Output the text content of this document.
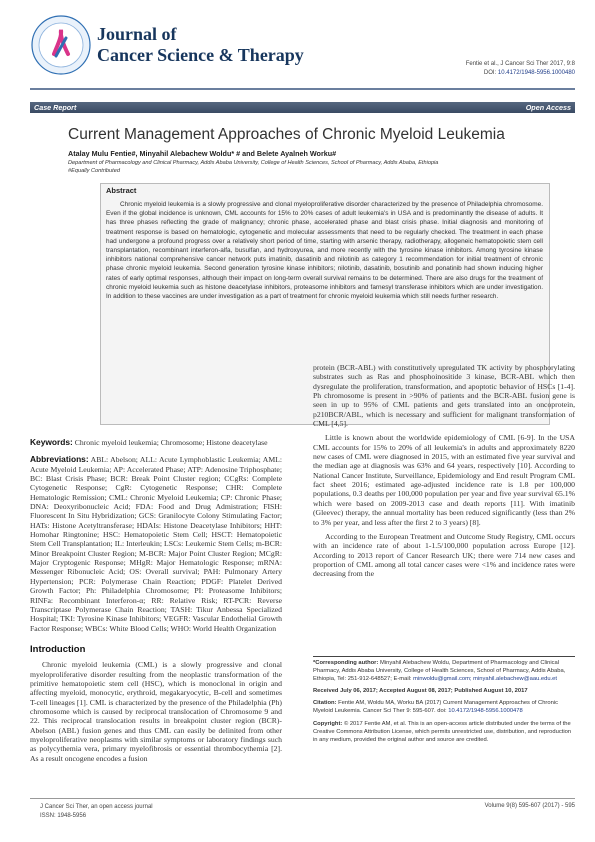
Journal of
Cancer Science & Therapy	Fentie et al., J Cancer Sci Ther 2017, 9:8
DOI: 10.4172/1948-5956.1000480
Case Report	Open Access
Current Management Approaches of Chronic Myeloid Leukemia
Atalay Mulu Fentie#, Minyahil Alebachew Woldu* # and Belete Ayalneh Worku#
Department of Pharmacology and Clinical Pharmacy, Addis Ababa University, College of Health Sciences, School of Pharmacy, Addis Ababa, Ethiopia
#Equally Contributed
Abstract
Chronic myeloid leukemia is a slowly progressive and clonal myeloproliferative disorder characterized by the presence of Philadelphia chromosome. Even if the global incidence is unknown, CML accounts for 15% to 20% cases of adult leukemia's in USA and is predominantly the disease of adults. It has three phases reflecting the grade of malignancy; chronic phase, accelerated phase and blast crisis phase. Initial diagnosis and monitoring of treatment response is based on hematologic, cytogenetic and molecular assessments that need to be regularly checked. The treatment in each phase had undergone a profound progress over a relatively short period of time, starting with arsenic therapy, radiotherapy, allogeneic hematopoietic stem cell transplantation, recombinant interferon-alfa, busulfan, and hydroxyurea, and more recently with the tyrosine kinase inhibitors. Among tyrosine kinase inhibitors national comprehensive cancer network puts imatinib, dasatinib and nilotinib as category 1 recommendation for initial treatment of chronic phase chronic myeloid leukemia. Second generation tyrosine kinase inhibitors; nilotinib, dasatinib, bosutinib and ponatinib had shown inducing higher rates of early optimal responses, although their impact on long-term overall survival remains to be determined. There are also drugs for the treatment of chronic myeloid leukemia such as histone deacetylase inhibitors, proteasome inhibitors and farnesyl transferase inhibitors which are under investigation. In addition to these vaccines are under investigation as a part of treatment for chronic myeloid leukemia which still needs further research.

Keywords: Chronic myeloid leukemia; Chromosome; Histone deacetylase

Abbreviations: ABL: Abelson; ALL: Acute Lymphoblastic Leukemia; AML: Acute Myeloid Leukemia; AP: Accelerated Phase; ATP: Adenosine Triphosphate; BC: Blast Crisis Phase; BCR: Break Point Cluster region; CCgRs: Complete Cytogenetic Response; CgR: Cytogenetic Response; CHR: Complete Hematologic Remission; CML: Chronic Myeloid Leukemia; CP: Chronic Phase; DNA: Deoxyribonucleic Acid; FDA: Food and Drug Admistration; FISH: Fluorescent In Situ Hybridization; GCS: Granilocyte Colony Stimulating Factor; HATs: Histone Acetyltransferase; HDAIs: Histone Deacetylase Inhibitors; HHT: Homohar Ringtonine; HSC: Hematopoietic Stem Cell; HSCT: Hematopoietic Stem Cell Transplantation; IL: Interleukin; LSCs: Leukemic Stem Cells; m-BCR: Minor Breakpoint Cluster Region; M-BCR: Major Point Cluster Region; MCgR: Major Cryptogenic Response; MHgR: Major Hematologic Response; mRNA: Messenger Ribonucleic Acid; OS: Overall survival; PAH: Pulmonary Artery Hypertension; PCR: Polymerase Chain Reaction; PDGF: Platelet Derived Growth Factor; Ph: Philadelphia Chromosome; PI: Proteasome Inhibitors; RINFa: Recombinant Interferon-α; RR: Relative Risk; RT-PCR: Reverse Transcriptase Polymerase Chain Reaction; TASH: Tikur Anbessa Specialized Hospital; TKI: Tyrosine Kinase Inhibitors; VEGFR: Vascular Endothelial Growth Factor Response; WBCs: White Blood Cells; WHO: World Health Organization

Introduction

Chronic myeloid leukemia (CML) is a slowly progressive and clonal myeloproliferative disorder resulting from the neoplastic transformation of the primitive hematopoietic stem cell (HSC), which is monoclonal in origin and affecting myeloid, monocytic, erythroid, megakaryocytic, B-cell and sometimes T-cell lineages [1]. CML is characterized by the presence of the Philadelphia (Ph) chromosome which is caused by reciprocal translocation of Chromosome 9 and 22. This reciprocal translocation results in breakpoint cluster region (BCR)-Abelson (ABL) fusion genes and thus CML can easily be delinited from other myeloproliferative neoplasms with similar symptoms or laboratory findings such as polycythemia vera, primary myelofibrosis or essential thrombocythemia [2]. As a result oncogene encodes a fusion

protein (BCR-ABL) with constitutively upregulated TK activity by phosphorylating substrates such as Ras and phosphoinositide 3 kinase, BCR-ABL which then dysregulate the proliferation, transformation, and apoptotic behavior of HSCs [1-4]. Ph chromosome is present in >90% of patients and the BCR-ABL fusion gene is seen in up to 95% of CML patients and gets translated into an oncoprotein, p210BCR/ABL, which is necessary and sufficient for malignant transformation of CML [4,5].

Little is known about the worldwide epidemiology of CML [6-9]. In the USA CML accounts for 15% to 20% of all leukemia's in adults and approximately 8220 new cases of CML were diagnosed in 2015, with an estimated five year survival and the median age at diagnosis was 63% and 64 years, respectively [10]. According to National Cancer Institute, Surveillance, Epidemiology and End result Program CML fact sheet 2016; estimated age-adjusted incidence rate is 1.8 per 100,000 populations, 0.3 deaths per 100,000 population per year and five year survival 65.1% which were based on 2009-2013 case and death reports [11]. With imatinib (Gleevec) therapy, the annual mortality has been reduced significantly (less than 2% to 3% per year, and less after the first 2 to 3 years) [8].

According to the European Treatment and Outcome Study Registry, CML occurs with an incidence rate of about 1-1.5/100,000 population across Europe [12]. According to 2013 report of Cancer Research UK; there were 714 new cases and proportion of CML among all total cancer cases were <1% and incidence rates were decreasing from the

*Corresponding author: Minyahil Alebachew Woldu, Department of Pharmacology and Clinical Pharmacy, Addis Ababa University, College of Health Sciences, School of Pharmacy, Addis Ababa, Ethiopia, Tel: 251-912-648527; E-mail: minwoldu@gmail.com; minyahil.alebachew@aau.edu.et

Received July 06, 2017; Accepted August 08, 2017; Published August 10, 2017

Citation: Fentie AM, Woldu MA, Worku BA (2017) Current Management Approaches of Chronic Myeloid Leukemia. Cancer Sci Ther 9: 595-607. doi: 10.4172/1948-5956.1000478

Copyright: © 2017 Fentie AM, et al. This is an open-access article distributed under the terms of the Creative Commons Attribution License, which permits unrestricted use, distribution, and reproduction in any medium, provided the original author and source are credited.

J Cancer Sci Ther, an open access journal
ISSN: 1948-5956
Volume 9(8) 595-607 (2017) - 595
